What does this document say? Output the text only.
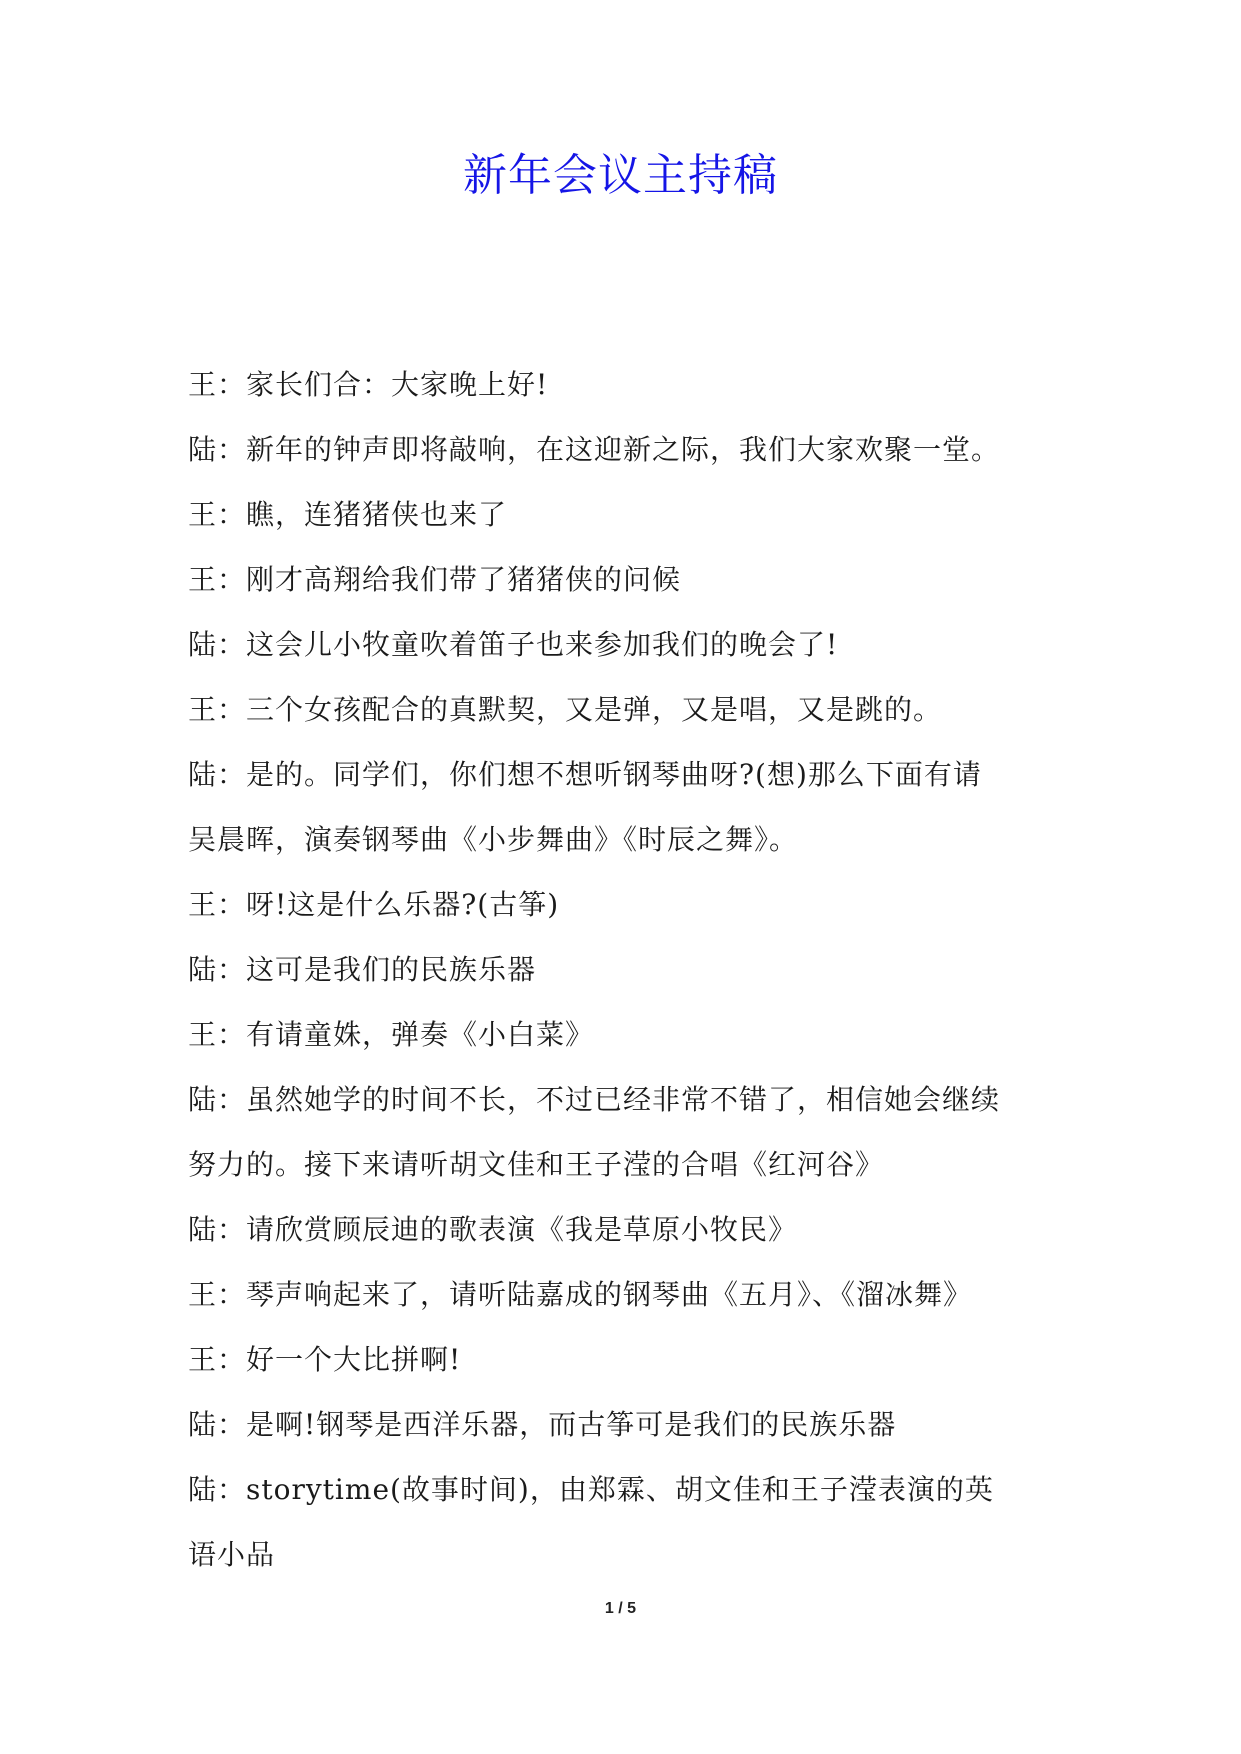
新年会议主持稿

王：家长们合：大家晚上好!

陆：新年的钟声即将敲响，在这迎新之际，我们大家欢聚一堂。

王：瞧，连猪猪侠也来了

王：刚才高翔给我们带了猪猪侠的问候

陆：这会儿小牧童吹着笛子也来参加我们的晚会了!

王：三个女孩配合的真默契，又是弹，又是唱，又是跳的。

陆：是的。同学们，你们想不想听钢琴曲呀?(想)那么下面有请

吴晨晖，演奏钢琴曲《小步舞曲》《时辰之舞》。

王：呀!这是什么乐器?(古筝)

陆：这可是我们的民族乐器

王：有请童姝，弹奏《小白菜》

陆：虽然她学的时间不长，不过已经非常不错了，相信她会继续

努力的。接下来请听胡文佳和王子滢的合唱《红河谷》

陆：请欣赏顾辰迪的歌表演《我是草原小牧民》

王：琴声响起来了，请听陆嘉成的钢琴曲《五月》、《溜冰舞》

王：好一个大比拼啊!

陆：是啊!钢琴是西洋乐器，而古筝可是我们的民族乐器

陆：storytime(故事时间)，由郑霖、胡文佳和王子滢表演的英

语小品

1 / 5
